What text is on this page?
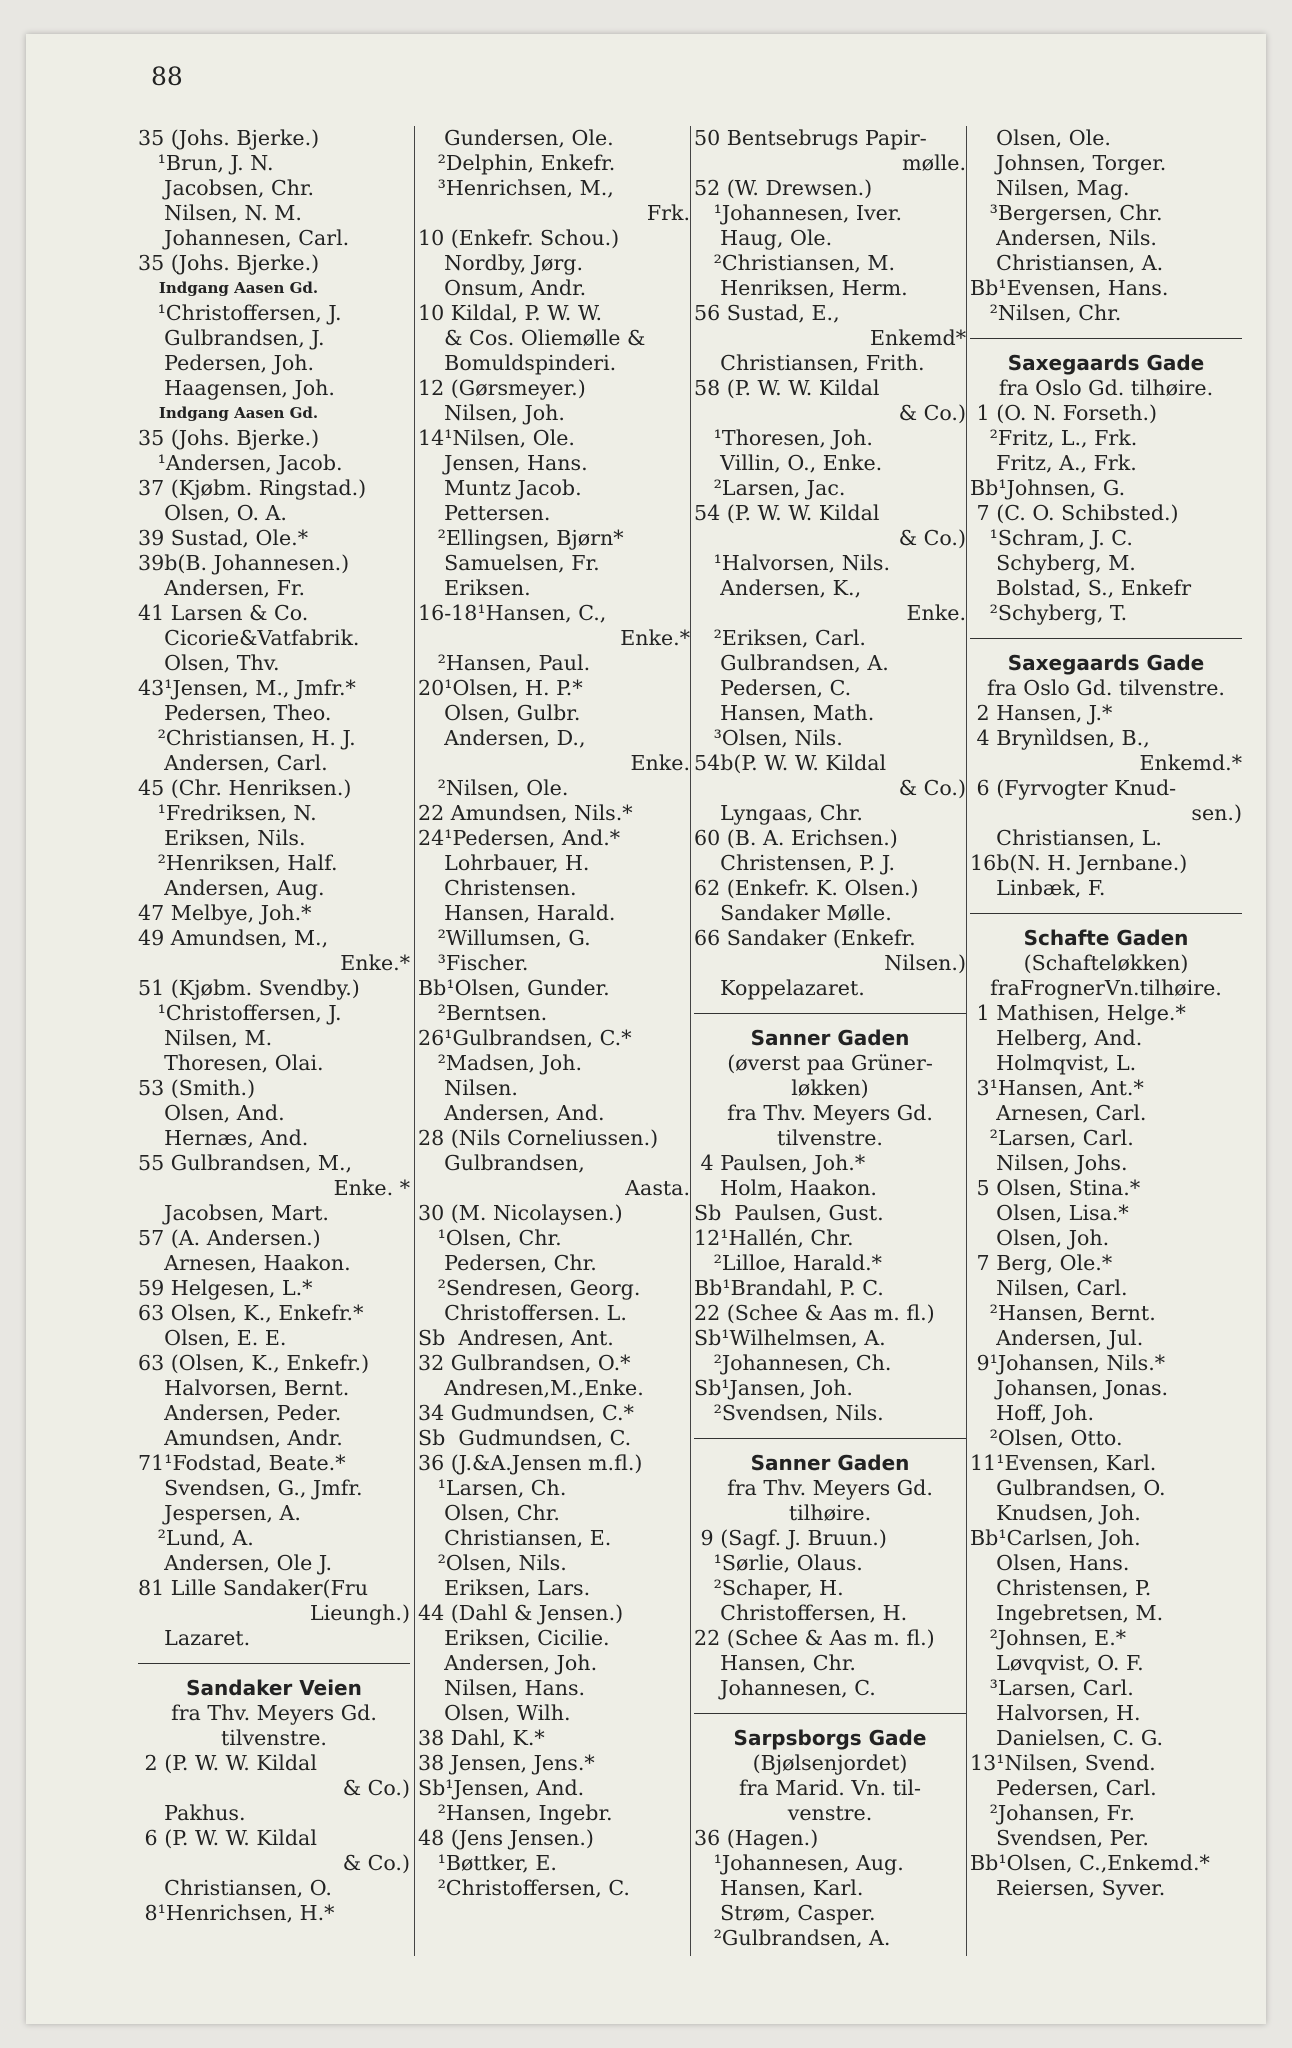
88
35 (Johs. Bjerke.)
¹Brun, J. N.
Jacobsen, Chr.
Nilsen, N. M.
Johannesen, Carl.
35 (Johs. Bjerke.)
Indgang Aasen Gd.
¹Christoffersen, J.
Gulbrandsen, J.
Pedersen, Joh.
Haagensen, Joh.
Indgang Aasen Gd.
35 (Johs. Bjerke.)
¹Andersen, Jacob.
37 (Kjøbm. Ringstad.)
Olsen, O. A.
39 Sustad, Ole.*
39b(B. Johannesen.)
Andersen, Fr.
41 Larsen & Co.
Cicorie&Vatfabrik.
Olsen, Thv.
43¹Jensen, M., Jmfr.*
Pedersen, Theo.
²Christiansen, H. J.
Andersen, Carl.
45 (Chr. Henriksen.)
¹Fredriksen, N.
Eriksen, Nils.
²Henriksen, Half.
Andersen, Aug.
47 Melbye, Joh.*
49 Amundsen, M.,
Enke.*
51 (Kjøbm. Svendby.)
¹Christoffersen, J.
Nilsen, M.
Thoresen, Olai.
53 (Smith.)
Olsen, And.
Hernæs, And.
55 Gulbrandsen, M.,
Enke. *
Jacobsen, Mart.
57 (A. Andersen.)
Arnesen, Haakon.
59 Helgesen, L.*
63 Olsen, K., Enkefr.*
Olsen, E. E.
63 (Olsen, K., Enkefr.)
Halvorsen, Bernt.
Andersen, Peder.
Amundsen, Andr.
71¹Fodstad, Beate.*
Svendsen, G., Jmfr.
Jespersen, A.
²Lund, A.
Andersen, Ole J.
81 Lille Sandaker(Fru
Lieungh.)
Lazaret.
Sandaker Veien
fra Thv. Meyers Gd.
tilvenstre.
2 (P. W. W. Kildal
& Co.)
Pakhus.
6 (P. W. W. Kildal
& Co.)
Christiansen, O.
8¹Henrichsen, H.*
Gundersen, Ole.
²Delphin, Enkefr.
³Henrichsen, M.,
Frk.
10 (Enkefr. Schou.)
Nordby, Jørg.
Onsum, Andr.
10 Kildal, P. W. W.
& Cos. Oliemølle &
Bomuldspinderi.
12 (Gørsmeyer.)
Nilsen, Joh.
14¹Nilsen, Ole.
Jensen, Hans.
Muntz Jacob.
Pettersen.
²Ellingsen, Bjørn*
Samuelsen, Fr.
Eriksen.
16-18¹Hansen, C.,
Enke.*
²Hansen, Paul.
20¹Olsen, H. P.*
Olsen, Gulbr.
Andersen, D.,
Enke.
²Nilsen, Ole.
22 Amundsen, Nils.*
24¹Pedersen, And.*
Lohrbauer, H.
Christensen.
Hansen, Harald.
²Willumsen, G.
³Fischer.
Bb¹Olsen, Gunder.
²Berntsen.
26¹Gulbrandsen, C.*
²Madsen, Joh.
Nilsen.
Andersen, And.
28 (Nils Corneliussen.)
Gulbrandsen,
Aasta.
30 (M. Nicolaysen.)
¹Olsen, Chr.
Pedersen, Chr.
²Sendresen, Georg.
Christoffersen. L.
Sb  Andresen, Ant.
32 Gulbrandsen, O.*
Andresen,M.,Enke.
34 Gudmundsen, C.*
Sb  Gudmundsen, C.
36 (J.&A.Jensen m.fl.)
¹Larsen, Ch.
Olsen, Chr.
Christiansen, E.
²Olsen, Nils.
Eriksen, Lars.
44 (Dahl & Jensen.)
Eriksen, Cicilie.
Andersen, Joh.
Nilsen, Hans.
Olsen, Wilh.
38 Dahl, K.*
38 Jensen, Jens.*
Sb¹Jensen, And.
²Hansen, Ingebr.
48 (Jens Jensen.)
¹Bøttker, E.
²Christoffersen, C.
50 Bentsebrugs Papir-
mølle.
52 (W. Drewsen.)
¹Johannesen, Iver.
Haug, Ole.
²Christiansen, M.
Henriksen, Herm.
56 Sustad, E.,
Enkemd*
Christiansen, Frith.
58 (P. W. W. Kildal
& Co.)
¹Thoresen, Joh.
Villin, O., Enke.
²Larsen, Jac.
54 (P. W. W. Kildal
& Co.)
¹Halvorsen, Nils.
Andersen, K.,
Enke.
²Eriksen, Carl.
Gulbrandsen, A.
Pedersen, C.
Hansen, Math.
³Olsen, Nils.
54b(P. W. W. Kildal
& Co.)
Lyngaas, Chr.
60 (B. A. Erichsen.)
Christensen, P. J.
62 (Enkefr. K. Olsen.)
Sandaker Mølle.
66 Sandaker (Enkefr.
Nilsen.)
Koppelazaret.
Sanner Gaden
(øverst paa Grüner-
løkken)
fra Thv. Meyers Gd.
tilvenstre.
4 Paulsen, Joh.*
Holm, Haakon.
Sb  Paulsen, Gust.
12¹Hallén, Chr.
²Lilloe, Harald.*
Bb¹Brandahl, P. C.
22 (Schee & Aas m. fl.)
Sb¹Wilhelmsen, A.
²Johannesen, Ch.
Sb¹Jansen, Joh.
²Svendsen, Nils.
Sanner Gaden
fra Thv. Meyers Gd.
tilhøire.
9 (Sagf. J. Bruun.)
¹Sørlie, Olaus.
²Schaper, H.
Christoffersen, H.
22 (Schee & Aas m. fl.)
Hansen, Chr.
Johannesen, C.
Sarpsborgs Gade
(Bjølsenjordet)
fra Marid. Vn. til-
venstre.
36 (Hagen.)
¹Johannesen, Aug.
Hansen, Karl.
Strøm, Casper.
²Gulbrandsen, A.
Olsen, Ole.
Johnsen, Torger.
Nilsen, Mag.
³Bergersen, Chr.
Andersen, Nils.
Christiansen, A.
Bb¹Evensen, Hans.
²Nilsen, Chr.
Saxegaards Gade
fra Oslo Gd. tilhøire.
1 (O. N. Forseth.)
²Fritz, L., Frk.
Fritz, A., Frk.
Bb¹Johnsen, G.
7 (C. O. Schibsted.)
¹Schram, J. C.
Schyberg, M.
Bolstad, S., Enkefr
²Schyberg, T.
Saxegaards Gade
fra Oslo Gd. tilvenstre.
2 Hansen, J.*
4 Brynìldsen, B.,
Enkemd.*
6 (Fyrvogter Knud-
sen.)
Christiansen, L.
16b(N. H. Jernbane.)
Linbæk, F.
Schafte Gaden
(Schafteløkken)
fraFrognerVn.tilhøire.
1 Mathisen, Helge.*
Helberg, And.
Holmqvist, L.
3¹Hansen, Ant.*
Arnesen, Carl.
²Larsen, Carl.
Nilsen, Johs.
5 Olsen, Stina.*
Olsen, Lisa.*
Olsen, Joh.
7 Berg, Ole.*
Nilsen, Carl.
²Hansen, Bernt.
Andersen, Jul.
9¹Johansen, Nils.*
Johansen, Jonas.
Hoff, Joh.
²Olsen, Otto.
11¹Evensen, Karl.
Gulbrandsen, O.
Knudsen, Joh.
Bb¹Carlsen, Joh.
Olsen, Hans.
Christensen, P.
Ingebretsen, M.
²Johnsen, E.*
Løvqvist, O. F.
³Larsen, Carl.
Halvorsen, H.
Danielsen, C. G.
13¹Nilsen, Svend.
Pedersen, Carl.
²Johansen, Fr.
Svendsen, Per.
Bb¹Olsen, C.,Enkemd.*
Reiersen, Syver.
